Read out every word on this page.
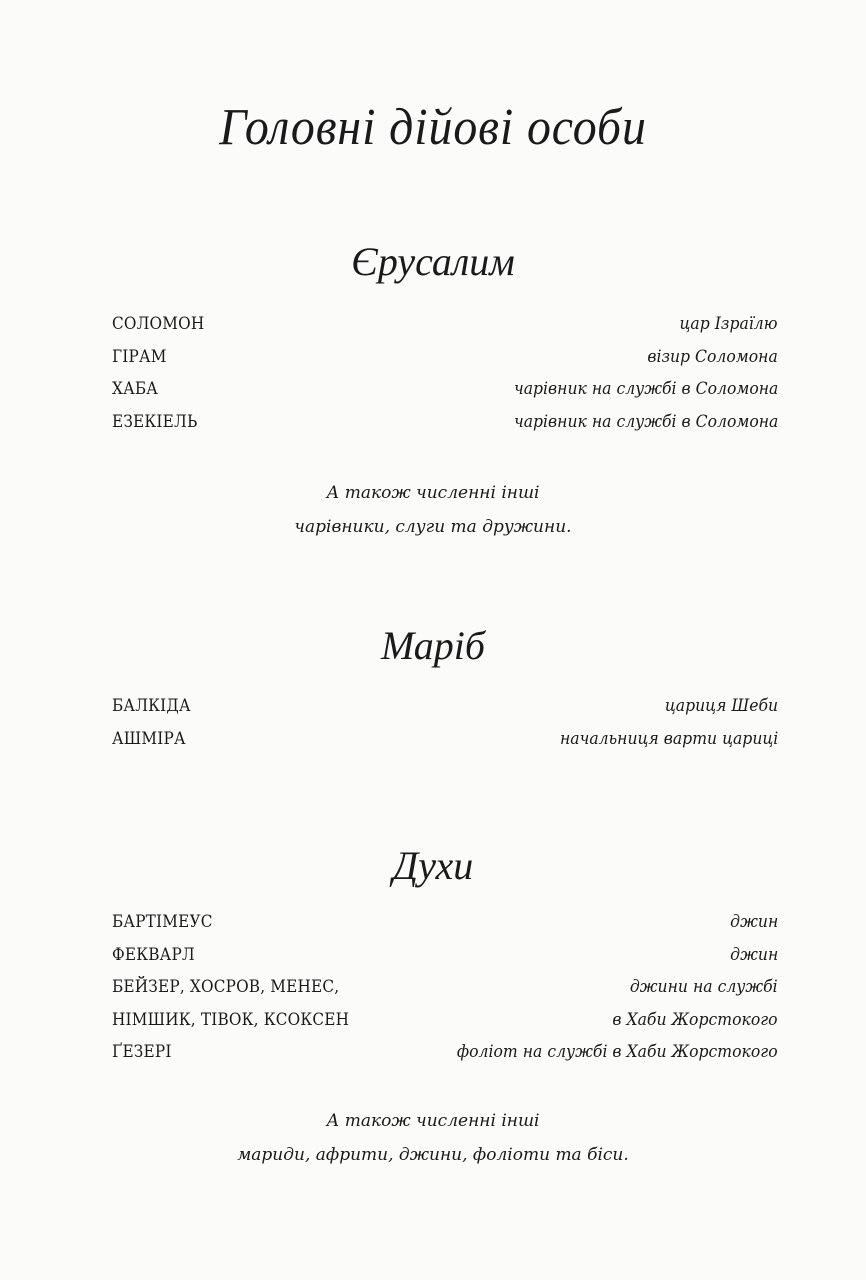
Головні дійові особи
Єрусалим
СОЛОМОН	цар Ізраїлю
ГІРАМ	візир Соломона
ХАБА	чарівник на службі в Соломона
ЕЗЕКІЕЛЬ	чарівник на службі в Соломона
А також численні інші
чарівники, слуги та дружини.
Маріб
БАЛКІДА	цариця Шеби
АШМІРА	начальниця варти цариці
Духи
БАРТІМЕУС	джин
ФЕКВАРЛ	джин
БЕЙЗЕР, ХОСРОВ, МЕНЕС,	джини на службі
НІМШИК, ТІВОК, КСОКСЕН	в Хаби Жорстокого
ҐЕЗЕРІ	фоліот на службі в Хаби Жорстокого
А також численні інші
мариди, африти, джини, фоліоти та біси.
